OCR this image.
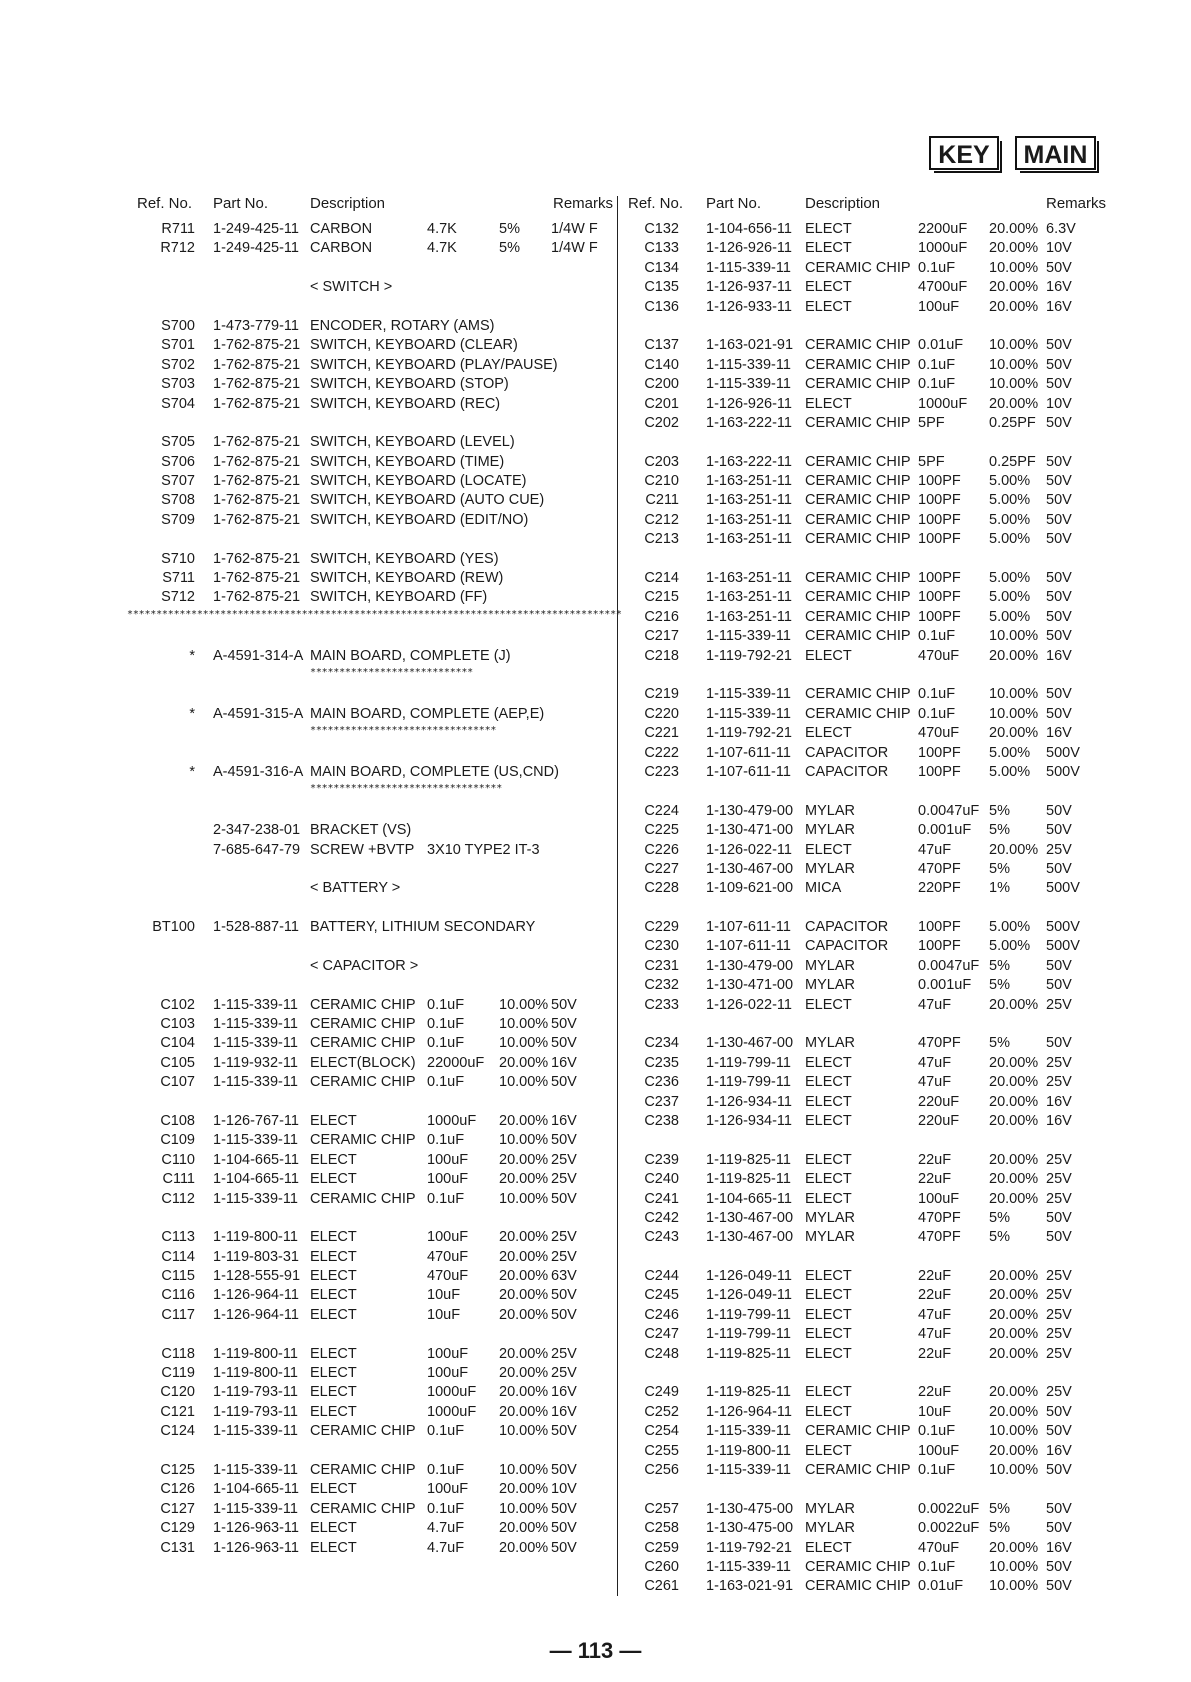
KEY	MAIN
Ref. No. Part No.	Description	Remarks
R711 1-249-425-11 CARBON	4.7K	5% 1/4W F
R712 1-249-425-11 CARBON	4.7K	5% 1/4W F
< SWITCH >
S700 1-473-779-11 ENCODER, ROTARY (AMS)
S701 1-762-875-21 SWITCH, KEYBOARD (CLEAR)
S702 1-762-875-21 SWITCH, KEYBOARD (PLAY/PAUSE)
S703 1-762-875-21 SWITCH, KEYBOARD (STOP)
S704 1-762-875-21 SWITCH, KEYBOARD (REC)
S705 1-762-875-21 SWITCH, KEYBOARD (LEVEL)
S706 1-762-875-21 SWITCH, KEYBOARD (TIME)
S707 1-762-875-21 SWITCH, KEYBOARD (LOCATE)
S708 1-762-875-21 SWITCH, KEYBOARD (AUTO CUE)
S709 1-762-875-21 SWITCH, KEYBOARD (EDIT/NO)
S710 1-762-875-21 SWITCH, KEYBOARD (YES)
S711 1-762-875-21 SWITCH, KEYBOARD (REW)
S712 1-762-875-21 SWITCH, KEYBOARD (FF)
*************************************************************************************
* A-4591-314-A MAIN BOARD, COMPLETE (J)
****************************
* A-4591-315-A MAIN BOARD, COMPLETE (AEP,E)
********************************
* A-4591-316-A MAIN BOARD, COMPLETE (US,CND)
*********************************
2-347-238-01 BRACKET (VS)
7-685-647-79 SCREW +BVTP 3X10 TYPE2 IT-3
< BATTERY >
BT100 1-528-887-11 BATTERY, LITHIUM SECONDARY
< CAPACITOR >
C102 1-115-339-11 CERAMIC CHIP 0.1uF 10.00% 50V
C103 1-115-339-11 CERAMIC CHIP 0.1uF 10.00% 50V
C104 1-115-339-11 CERAMIC CHIP 0.1uF 10.00% 50V
C105 1-119-932-11 ELECT(BLOCK) 22000uF 20.00% 16V
C107 1-115-339-11 CERAMIC CHIP 0.1uF 10.00% 50V
C108 1-126-767-11 ELECT	1000uF 20.00% 16V
C109 1-115-339-11 CERAMIC CHIP 0.1uF 10.00% 50V
C110 1-104-665-11 ELECT	100uF 20.00% 25V
C111 1-104-665-11 ELECT	100uF 20.00% 25V
C112 1-115-339-11 CERAMIC CHIP 0.1uF 10.00% 50V
C113 1-119-800-11 ELECT	100uF 20.00% 25V
C114 1-119-803-31 ELECT	470uF 20.00% 25V
C115 1-128-555-91 ELECT	470uF 20.00% 63V
C116 1-126-964-11 ELECT	10uF	20.00% 50V
C117 1-126-964-11 ELECT	10uF	20.00% 50V
C118 1-119-800-11 ELECT	100uF 20.00% 25V
C119 1-119-800-11 ELECT	100uF 20.00% 25V
C120 1-119-793-11 ELECT	1000uF 20.00% 16V
C121 1-119-793-11 ELECT	1000uF 20.00% 16V
C124 1-115-339-11 CERAMIC CHIP 0.1uF 10.00% 50V
C125 1-115-339-11 CERAMIC CHIP 0.1uF 10.00% 50V
C126 1-104-665-11 ELECT	100uF 20.00% 10V
C127 1-115-339-11 CERAMIC CHIP 0.1uF 10.00% 50V
C129 1-126-963-11 ELECT	4.7uF 20.00% 50V
C131 1-126-963-11 ELECT	4.7uF 20.00% 50V
Ref. No. Part No.	Description	Remarks
C132 1-104-656-11 ELECT	2200uF 20.00% 6.3V
C133 1-126-926-11 ELECT	1000uF 20.00% 10V
C134 1-115-339-11 CERAMIC CHIP 0.1uF 10.00% 50V
C135 1-126-937-11 ELECT	4700uF 20.00% 16V
C136 1-126-933-11 ELECT	100uF 20.00% 16V
C137 1-163-021-91 CERAMIC CHIP 0.01uF 10.00% 50V
C140 1-115-339-11 CERAMIC CHIP 0.1uF 10.00% 50V
C200 1-115-339-11 CERAMIC CHIP 0.1uF 10.00% 50V
C201 1-126-926-11 ELECT	1000uF 20.00% 10V
C202 1-163-222-11 CERAMIC CHIP 5PF	0.25PF 50V
C203 1-163-222-11 CERAMIC CHIP 5PF	0.25PF 50V
C210 1-163-251-11 CERAMIC CHIP 100PF 5.00% 50V
C211 1-163-251-11 CERAMIC CHIP 100PF 5.00% 50V
C212 1-163-251-11 CERAMIC CHIP 100PF 5.00% 50V
C213 1-163-251-11 CERAMIC CHIP 100PF 5.00% 50V
C214 1-163-251-11 CERAMIC CHIP 100PF 5.00% 50V
C215 1-163-251-11 CERAMIC CHIP 100PF 5.00% 50V
C216 1-163-251-11 CERAMIC CHIP 100PF 5.00% 50V
C217 1-115-339-11 CERAMIC CHIP 0.1uF 10.00% 50V
C218 1-119-792-21 ELECT	470uF 20.00% 16V
C219 1-115-339-11 CERAMIC CHIP 0.1uF 10.00% 50V
C220 1-115-339-11 CERAMIC CHIP 0.1uF 10.00% 50V
C221 1-119-792-21 ELECT	470uF 20.00% 16V
C222 1-107-611-11 CAPACITOR 100PF 5.00% 500V
C223 1-107-611-11 CAPACITOR 100PF 5.00% 500V
C224 1-130-479-00 MYLAR	0.0047uF 5% 50V
C225 1-130-471-00 MYLAR	0.001uF 5% 50V
C226 1-126-022-11 ELECT	47uF	20.00% 25V
C227 1-130-467-00 MYLAR	470PF 5% 50V
C228 1-109-621-00 MICA	220PF 1% 500V
C229 1-107-611-11 CAPACITOR 100PF 5.00% 500V
C230 1-107-611-11 CAPACITOR 100PF 5.00% 500V
C231 1-130-479-00 MYLAR	0.0047uF 5% 50V
C232 1-130-471-00 MYLAR	0.001uF 5% 50V
C233 1-126-022-11 ELECT	47uF	20.00% 25V
C234 1-130-467-00 MYLAR	470PF 5% 50V
C235 1-119-799-11 ELECT	47uF	20.00% 25V
C236 1-119-799-11 ELECT	47uF	20.00% 25V
C237 1-126-934-11 ELECT	220uF 20.00% 16V
C238 1-126-934-11 ELECT	220uF 20.00% 16V
C239 1-119-825-11 ELECT	22uF	20.00% 25V
C240 1-119-825-11 ELECT	22uF	20.00% 25V
C241 1-104-665-11 ELECT	100uF 20.00% 25V
C242 1-130-467-00 MYLAR	470PF 5% 50V
C243 1-130-467-00 MYLAR	470PF 5% 50V
C244 1-126-049-11 ELECT	22uF	20.00% 25V
C245 1-126-049-11 ELECT	22uF	20.00% 25V
C246 1-119-799-11 ELECT	47uF	20.00% 25V
C247 1-119-799-11 ELECT	47uF	20.00% 25V
C248 1-119-825-11 ELECT	22uF	20.00% 25V
C249 1-119-825-11 ELECT	22uF	20.00% 25V
C252 1-126-964-11 ELECT	10uF	20.00% 50V
C254 1-115-339-11 CERAMIC CHIP 0.1uF 10.00% 50V
C255 1-119-800-11 ELECT	100uF 20.00% 16V
C256 1-115-339-11 CERAMIC CHIP 0.1uF 10.00% 50V
C257 1-130-475-00 MYLAR	0.0022uF 5% 50V
C258 1-130-475-00 MYLAR	0.0022uF 5% 50V
C259 1-119-792-21 ELECT	470uF 20.00% 16V
C260 1-115-339-11 CERAMIC CHIP 0.1uF 10.00% 50V
C261 1-163-021-91 CERAMIC CHIP 0.01uF 10.00% 50V
— 113 —
